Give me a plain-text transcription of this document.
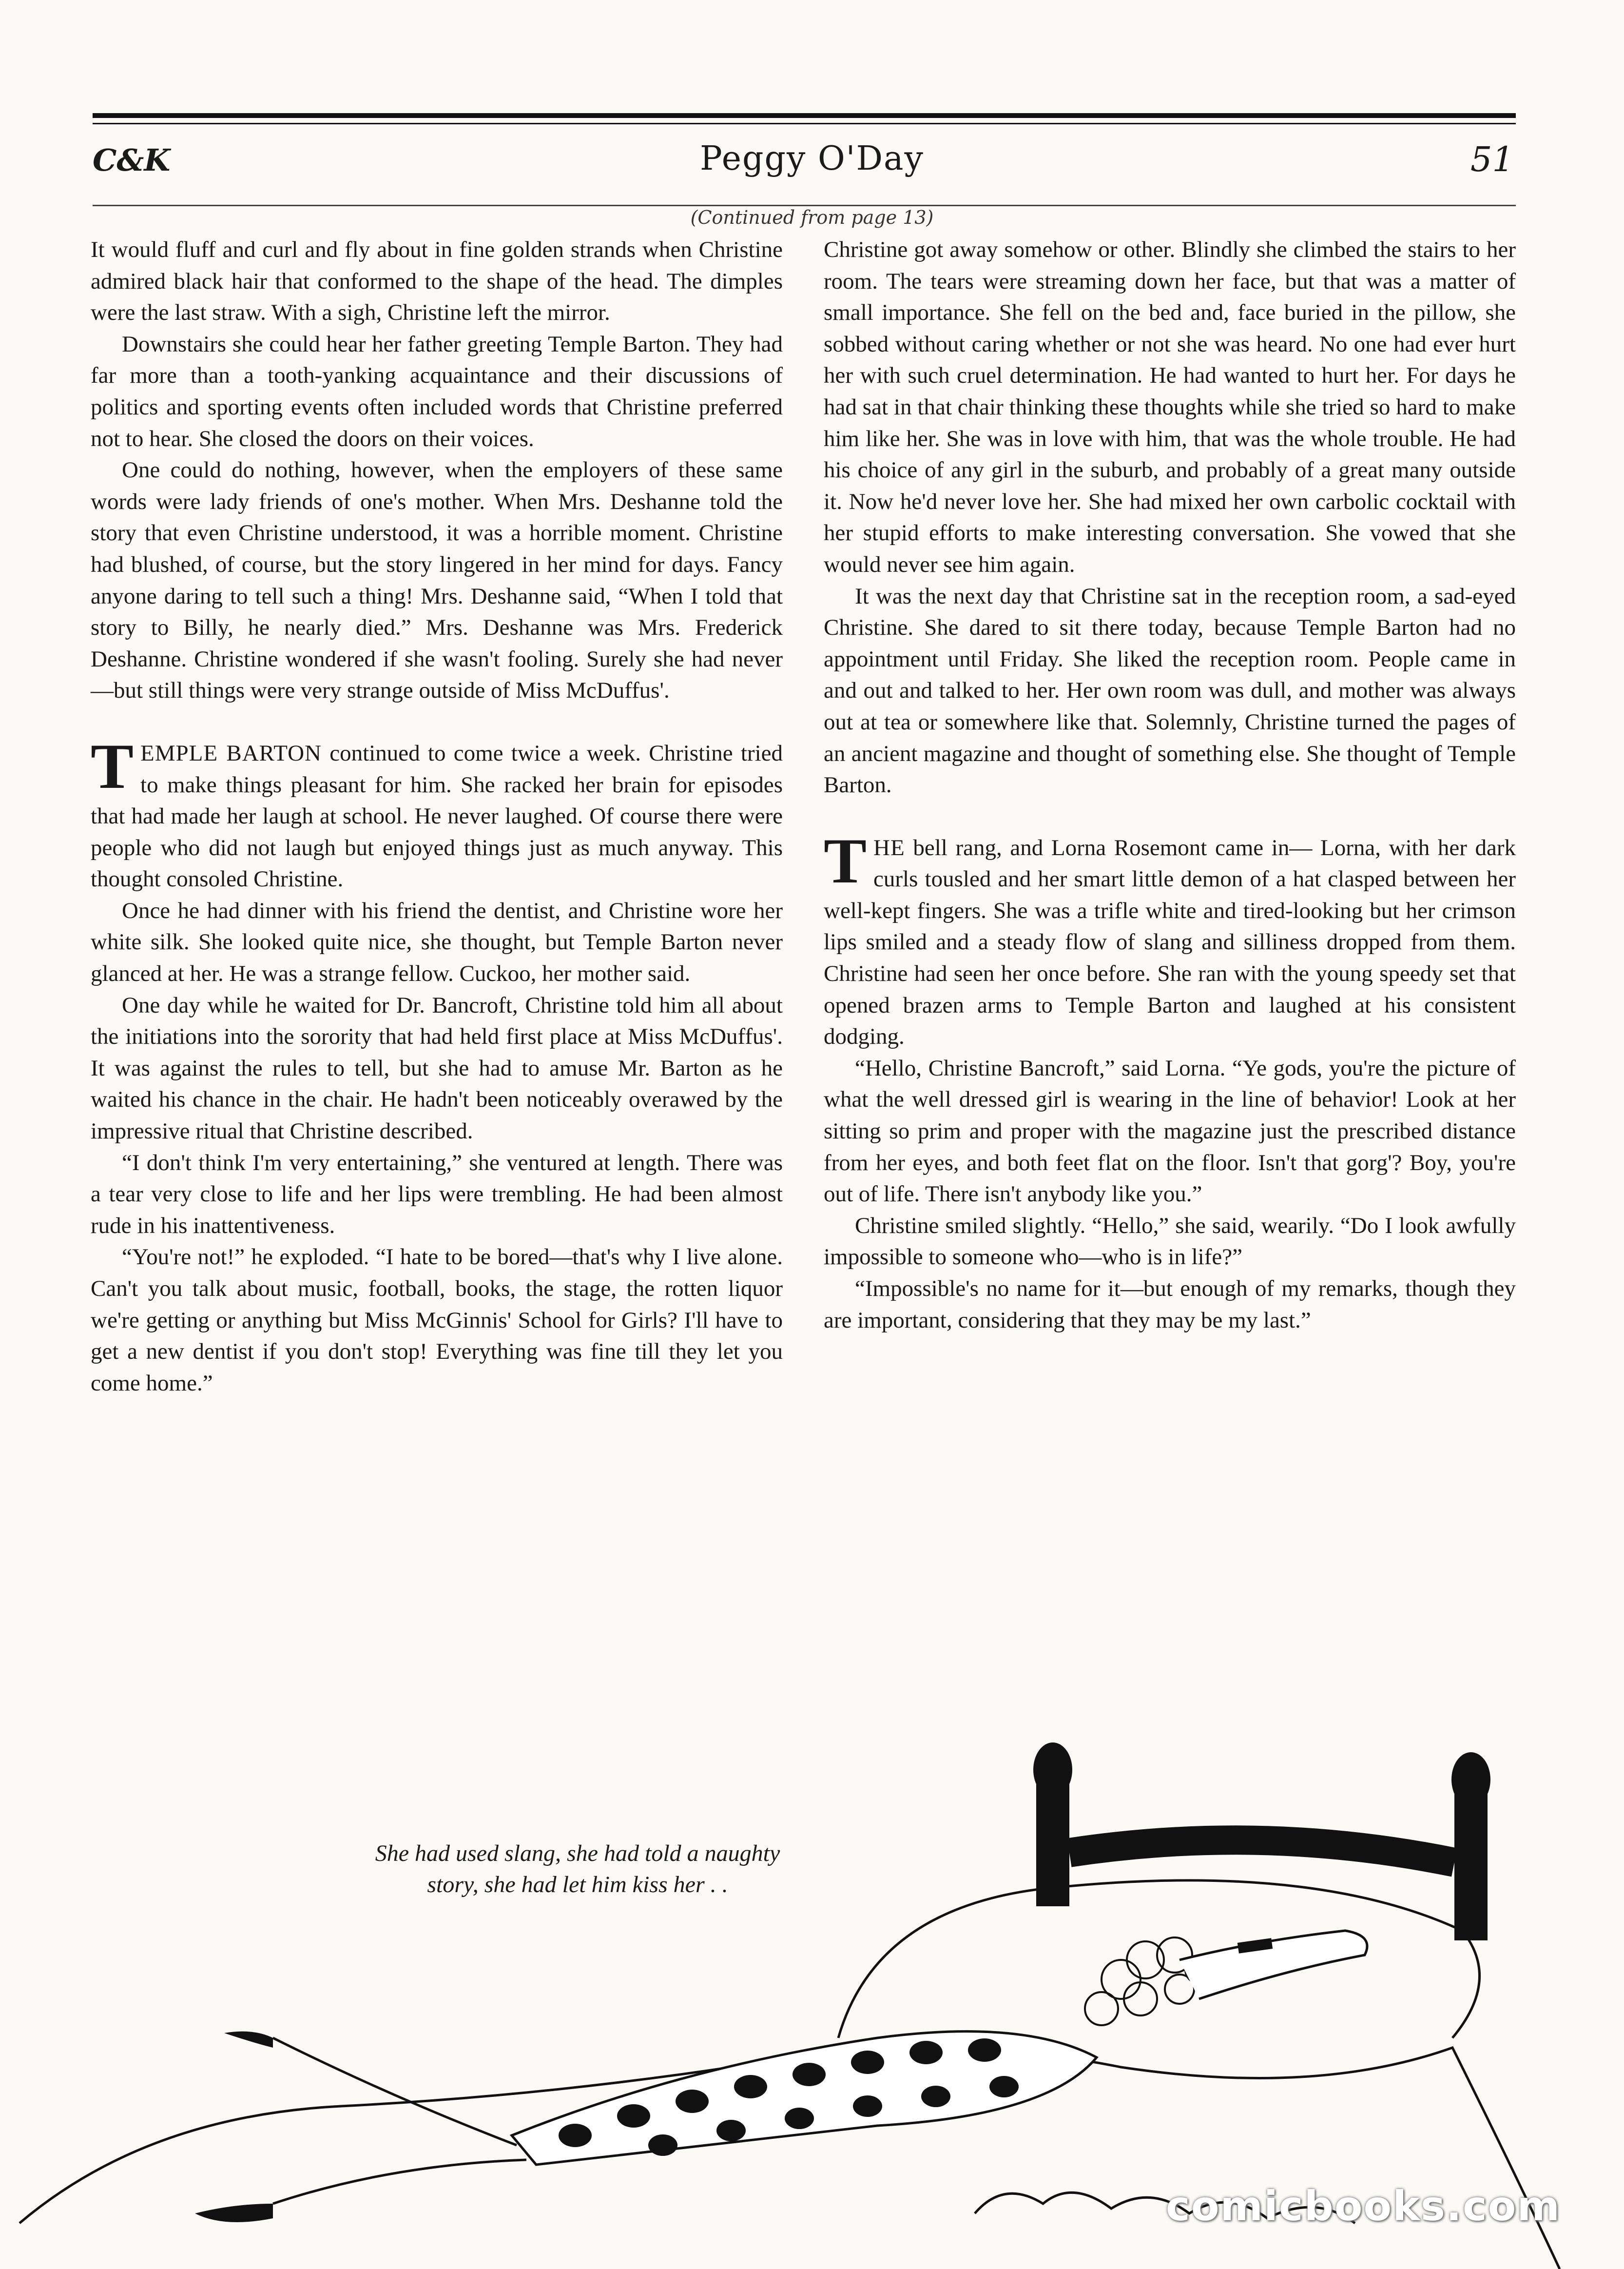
C&K	Peggy O'Day	51
(Continued from page 13)

It would fluff and curl and fly about in fine golden strands when Christine admired black hair that conformed to the shape of the head. The dimples were the last straw. With a sigh, Christine left the mirror.

Downstairs she could hear her father greeting Temple Barton. They had far more than a tooth-yanking acquaintance and their discussions of politics and sporting events often included words that Christine preferred not to hear. She closed the doors on their voices.

One could do nothing, however, when the employers of these same words were lady friends of one's mother. When Mrs. Deshanne told the story that even Christine understood, it was a horrible moment. Christine had blushed, of course, but the story lingered in her mind for days. Fancy anyone daring to tell such a thing! Mrs. Deshanne said, “When I told that story to Billy, he nearly died.” Mrs. Deshanne was Mrs. Frederick Deshanne. Christine wondered if she wasn't fooling. Surely she had never—but still things were very strange outside of Miss McDuffus'.

TEMPLE BARTON continued to come twice a week. Christine tried to make things pleasant for him. She racked her brain for episodes that had made her laugh at school. He never laughed. Of course there were people who did not laugh but enjoyed things just as much anyway. This thought consoled Christine.

Once he had dinner with his friend the dentist, and Christine wore her white silk. She looked quite nice, she thought, but Temple Barton never glanced at her. He was a strange fellow. Cuckoo, her mother said.

One day while he waited for Dr. Bancroft, Christine told him all about the initiations into the sorority that had held first place at Miss McDuffus'. It was against the rules to tell, but she had to amuse Mr. Barton as he waited his chance in the chair. He hadn't been noticeably overawed by the impressive ritual that Christine described.

“I don't think I'm very entertaining,” she ventured at length. There was a tear very close to life and her lips were trembling. He had been almost rude in his inattentiveness.

“You're not!” he exploded. “I hate to be bored—that's why I live alone. Can't you talk about music, football, books, the stage, the rotten liquor we're getting or anything but Miss McGinnis' School for Girls? I'll have to get a new dentist if you don't stop! Everything was fine till they let you come home.”

Christine got away somehow or other. Blindly she climbed the stairs to her room. The tears were streaming down her face, but that was a matter of small importance. She fell on the bed and, face buried in the pillow, she sobbed without caring whether or not she was heard. No one had ever hurt her with such cruel determination. He had wanted to hurt her. For days he had sat in that chair thinking these thoughts while she tried so hard to make him like her. She was in love with him, that was the whole trouble. He had his choice of any girl in the suburb, and probably of a great many outside it. Now he'd never love her. She had mixed her own carbolic cocktail with her stupid efforts to make interesting conversation. She vowed that she would never see him again.

It was the next day that Christine sat in the reception room, a sad-eyed Christine. She dared to sit there today, because Temple Barton had no appointment until Friday. She liked the reception room. People came in and out and talked to her. Her own room was dull, and mother was always out at tea or somewhere like that. Solemnly, Christine turned the pages of an ancient magazine and thought of something else. She thought of Temple Barton.

THE bell rang, and Lorna Rosemont came in— Lorna, with her dark curls tousled and her smart little demon of a hat clasped between her well-kept fingers. She was a trifle white and tired-looking but her crimson lips smiled and a steady flow of slang and silliness dropped from them. Christine had seen her once before. She ran with the young speedy set that opened brazen arms to Temple Barton and laughed at his consistent dodging.

“Hello, Christine Bancroft,” said Lorna. “Ye gods, you're the picture of what the well dressed girl is wearing in the line of behavior! Look at her sitting so prim and proper with the magazine just the prescribed distance from her eyes, and both feet flat on the floor. Isn't that gorg'? Boy, you're out of life. There isn't anybody like you.”

Christine smiled slightly. “Hello,” she said, wearily. “Do I look awfully impossible to someone who—who is in life?”

“Impossible's no name for it—but enough of my remarks, though they are important, considering that they may be my last.”

She had used slang, she had told a naughty story, she had let him kiss her . .
comicbooks.com
